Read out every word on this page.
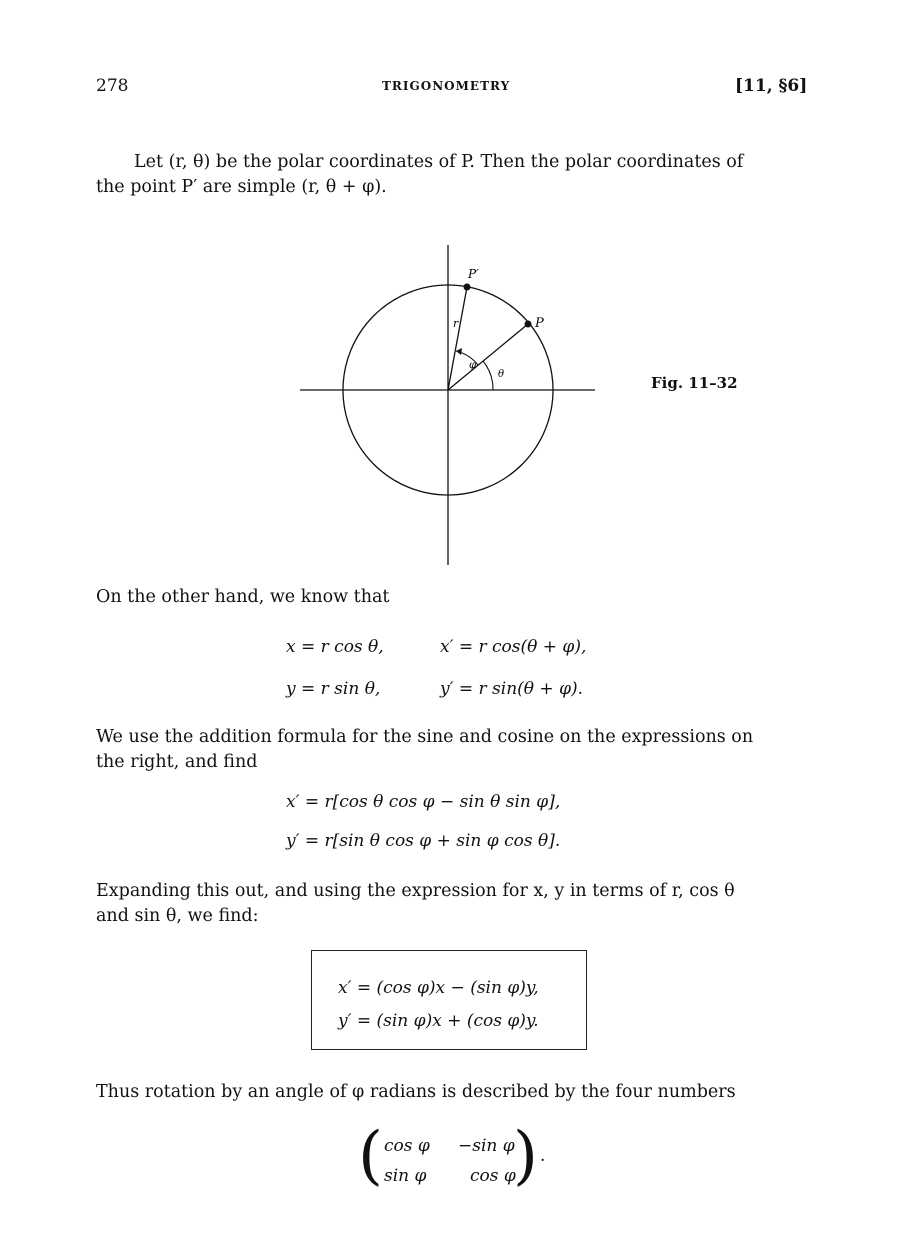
278	TRIGONOMETRY	[11, §6]
Let (r, θ) be the polar coordinates of P. Then the polar coordinates of
the point P′ are simple (r, θ + φ).
P′
P
r
φ
θ	Fig. 11–32
On the other hand, we know that
x = r cos θ,	x′ = r cos(θ + φ),
y = r sin θ,	y′ = r sin(θ + φ).
We use the addition formula for the sine and cosine on the expressions on
the right, and find
x′ = r[cos θ cos φ − sin θ sin φ],
y′ = r[sin θ cos φ + sin φ cos θ].
Expanding this out, and using the expression for x, y in terms of r, cos θ
and sin θ, we find:
x′ = (cos φ)x − (sin φ)y,
y′ = (sin φ)x + (cos φ)y.
Thus rotation by an angle of φ radians is described by the four numbers
( cos φ −sin φ
sin φ	cos φ
) .
